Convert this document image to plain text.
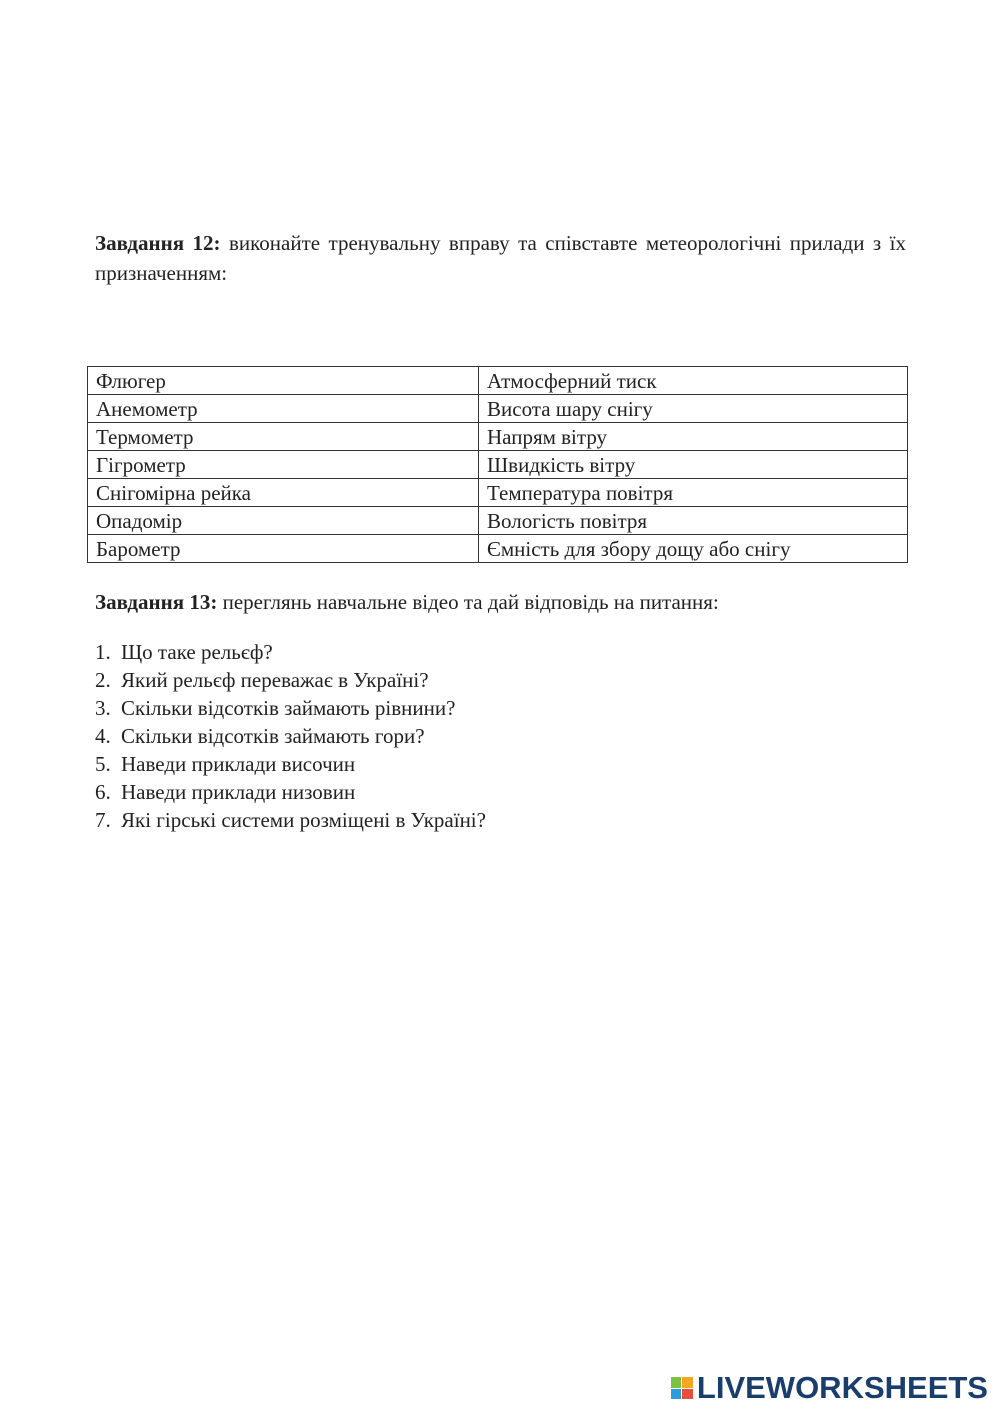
Завдання 12: виконайте тренувальну вправу та співставте метеорологічні прилади з їх призначенням:

Флюгер	Атмосферний тиск
Анемометр	Висота шару снігу
Термометр	Напрям вітру
Гігрометр	Швидкість вітру
Снігомірна рейка	Температура повітря
Опадомір	Вологість повітря
Барометр	Ємність для збору дощу або снігу

Завдання 13: переглянь навчальне відео та дай відповідь на питання:

1. Що таке рельєф?
2. Який рельєф переважає в Україні?
3. Скільки відсотків займають рівнини?
4. Скільки відсотків займають гори?
5. Наведи приклади височин
6. Наведи приклади низовин
7. Які гірські системи розміщені в Україні?
LIVEWORKSHEETS
